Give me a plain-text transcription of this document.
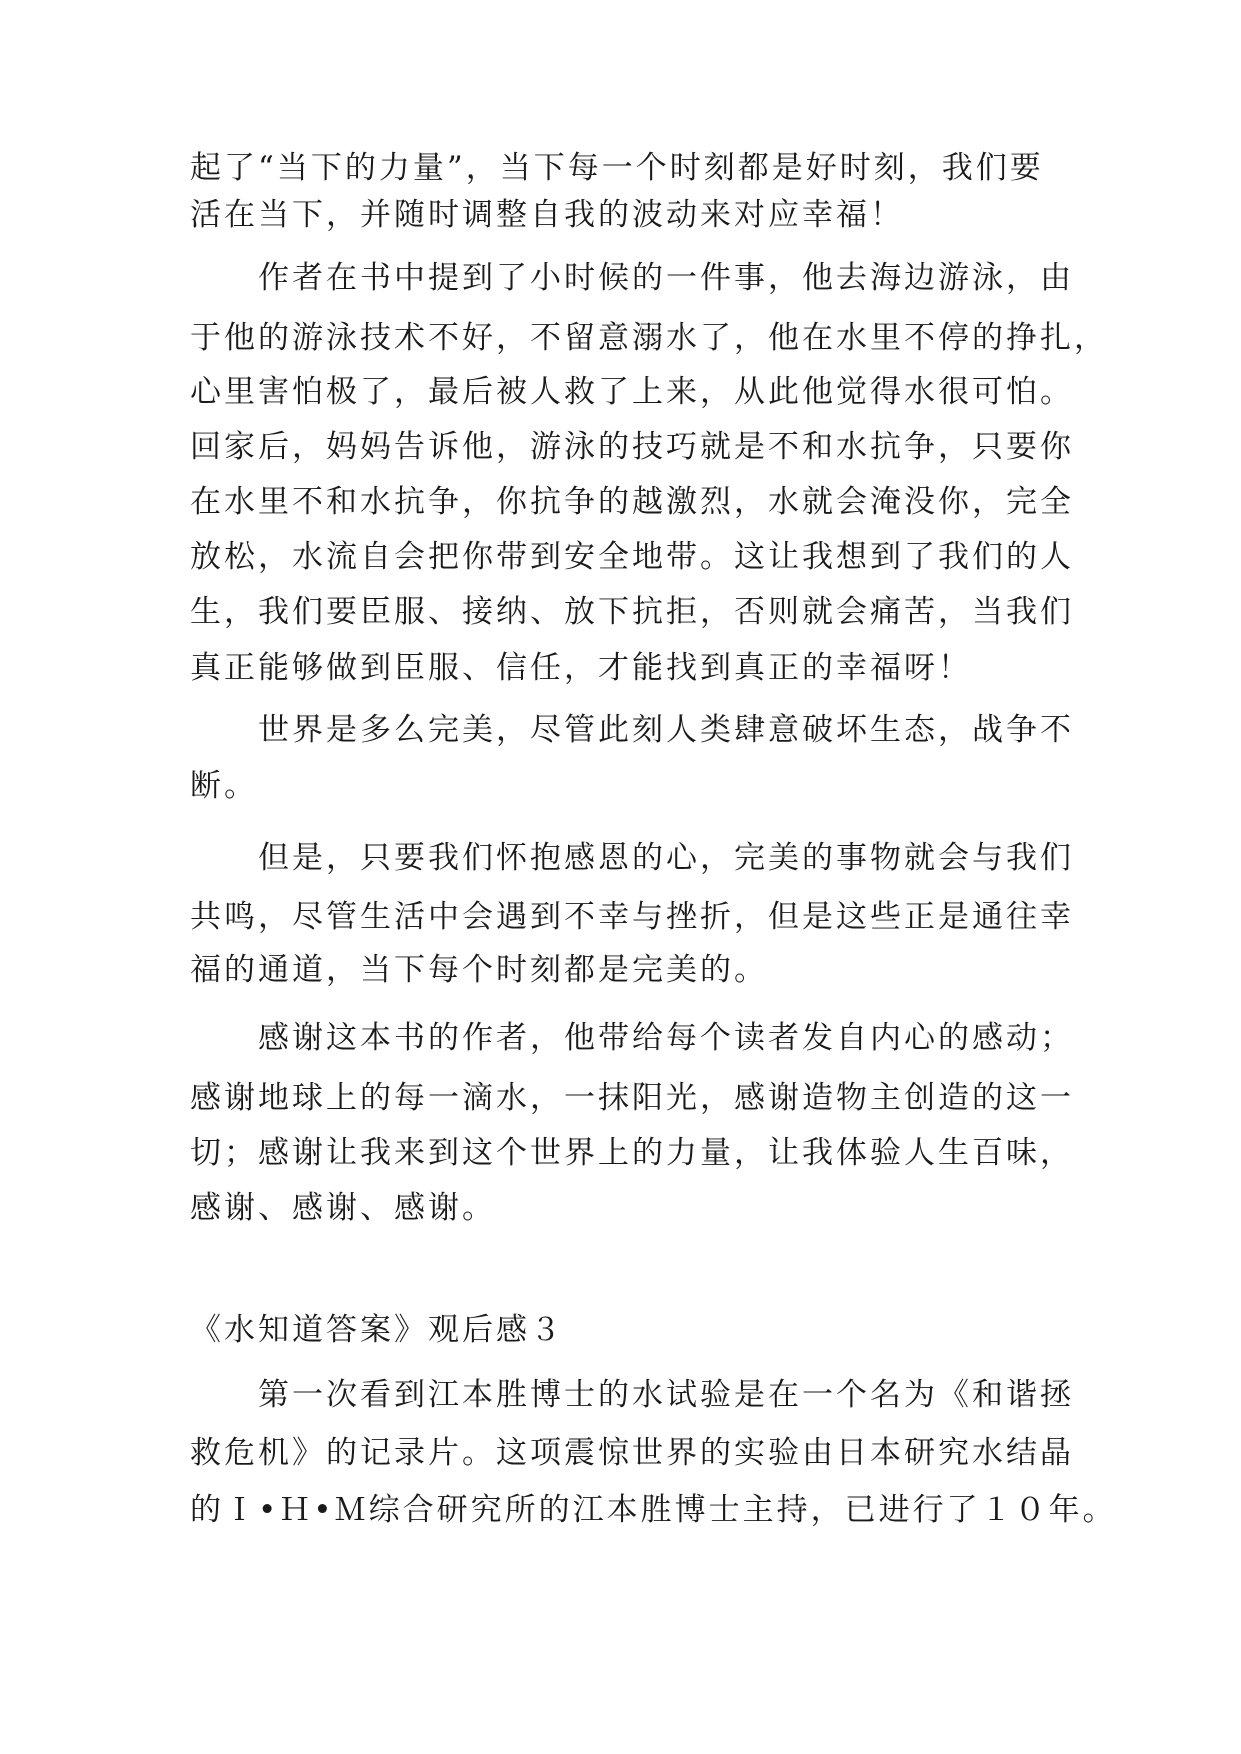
起了“当下的力量”，当下每一个时刻都是好时刻，我们要
活在当下，并随时调整自我的波动来对应幸福！
作者在书中提到了小时候的一件事，他去海边游泳，由
于他的游泳技术不好，不留意溺水了，他在水里不停的挣扎，
心里害怕极了，最后被人救了上来，从此他觉得水很可怕。
回家后，妈妈告诉他，游泳的技巧就是不和水抗争，只要你
在水里不和水抗争，你抗争的越激烈，水就会淹没你，完全
放松，水流自会把你带到安全地带。这让我想到了我们的人
生，我们要臣服、接纳、放下抗拒，否则就会痛苦，当我们
真正能够做到臣服、信任，才能找到真正的幸福呀！
世界是多么完美，尽管此刻人类肆意破坏生态，战争不
断。
但是，只要我们怀抱感恩的心，完美的事物就会与我们
共鸣，尽管生活中会遇到不幸与挫折，但是这些正是通往幸
福的通道，当下每个时刻都是完美的。
感谢这本书的作者，他带给每个读者发自内心的感动；
感谢地球上的每一滴水，一抹阳光，感谢造物主创造的这一
切；感谢让我来到这个世界上的力量，让我体验人生百味，
感谢、感谢、感谢。
《水知道答案》观后感３
第一次看到江本胜博士的水试验是在一个名为《和谐拯
救危机》的记录片。这项震惊世界的实验由日本研究水结晶
的Ｉ•Ｈ•Ｍ综合研究所的江本胜博士主持，已进行了１０年。
